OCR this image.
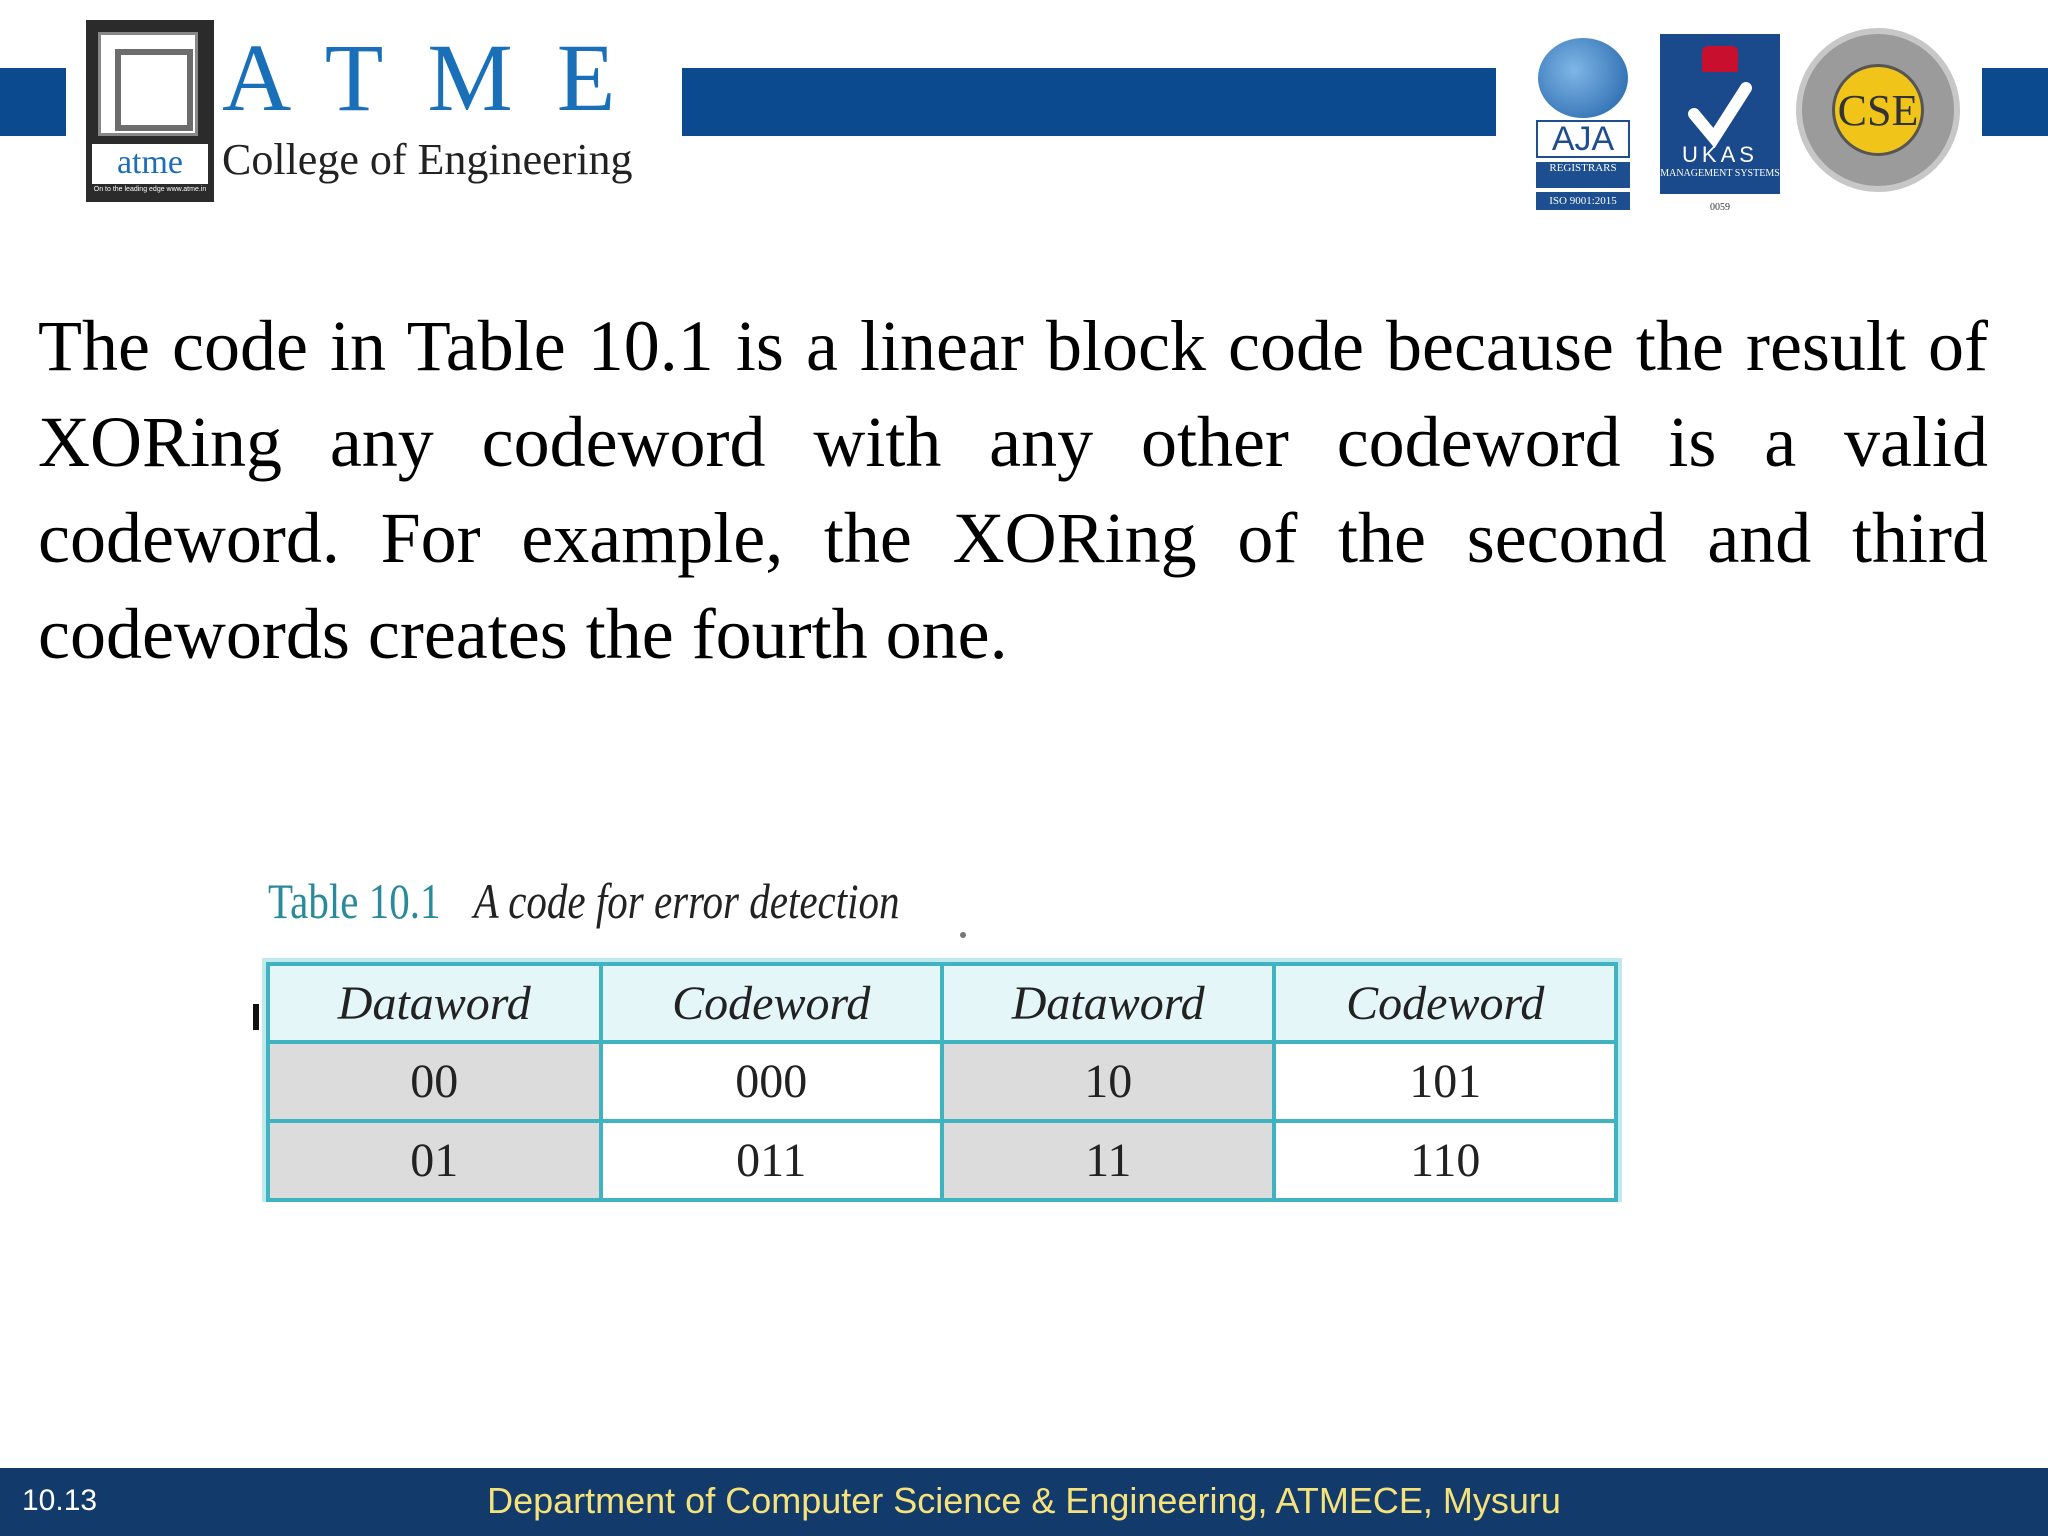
atme
On to the leading edge www.atme.in
ATME
College of Engineering	AJA
REGISTRARS
ISO 9001:2015
UKAS
MANAGEMENT SYSTEMS
0059
CSE
The code in Table 10.1 is a linear block code because the result of XORing any codeword with any other codeword is a valid codeword. For example, the XORing of the second and third codewords creates the fourth one.
Table 10.1 A code for error detection
Dataword	Codeword	Dataword	Codeword
00	000	10	101
01	011	11	110
10.13	Department of Computer Science & Engineering, ATMECE, Mysuru
